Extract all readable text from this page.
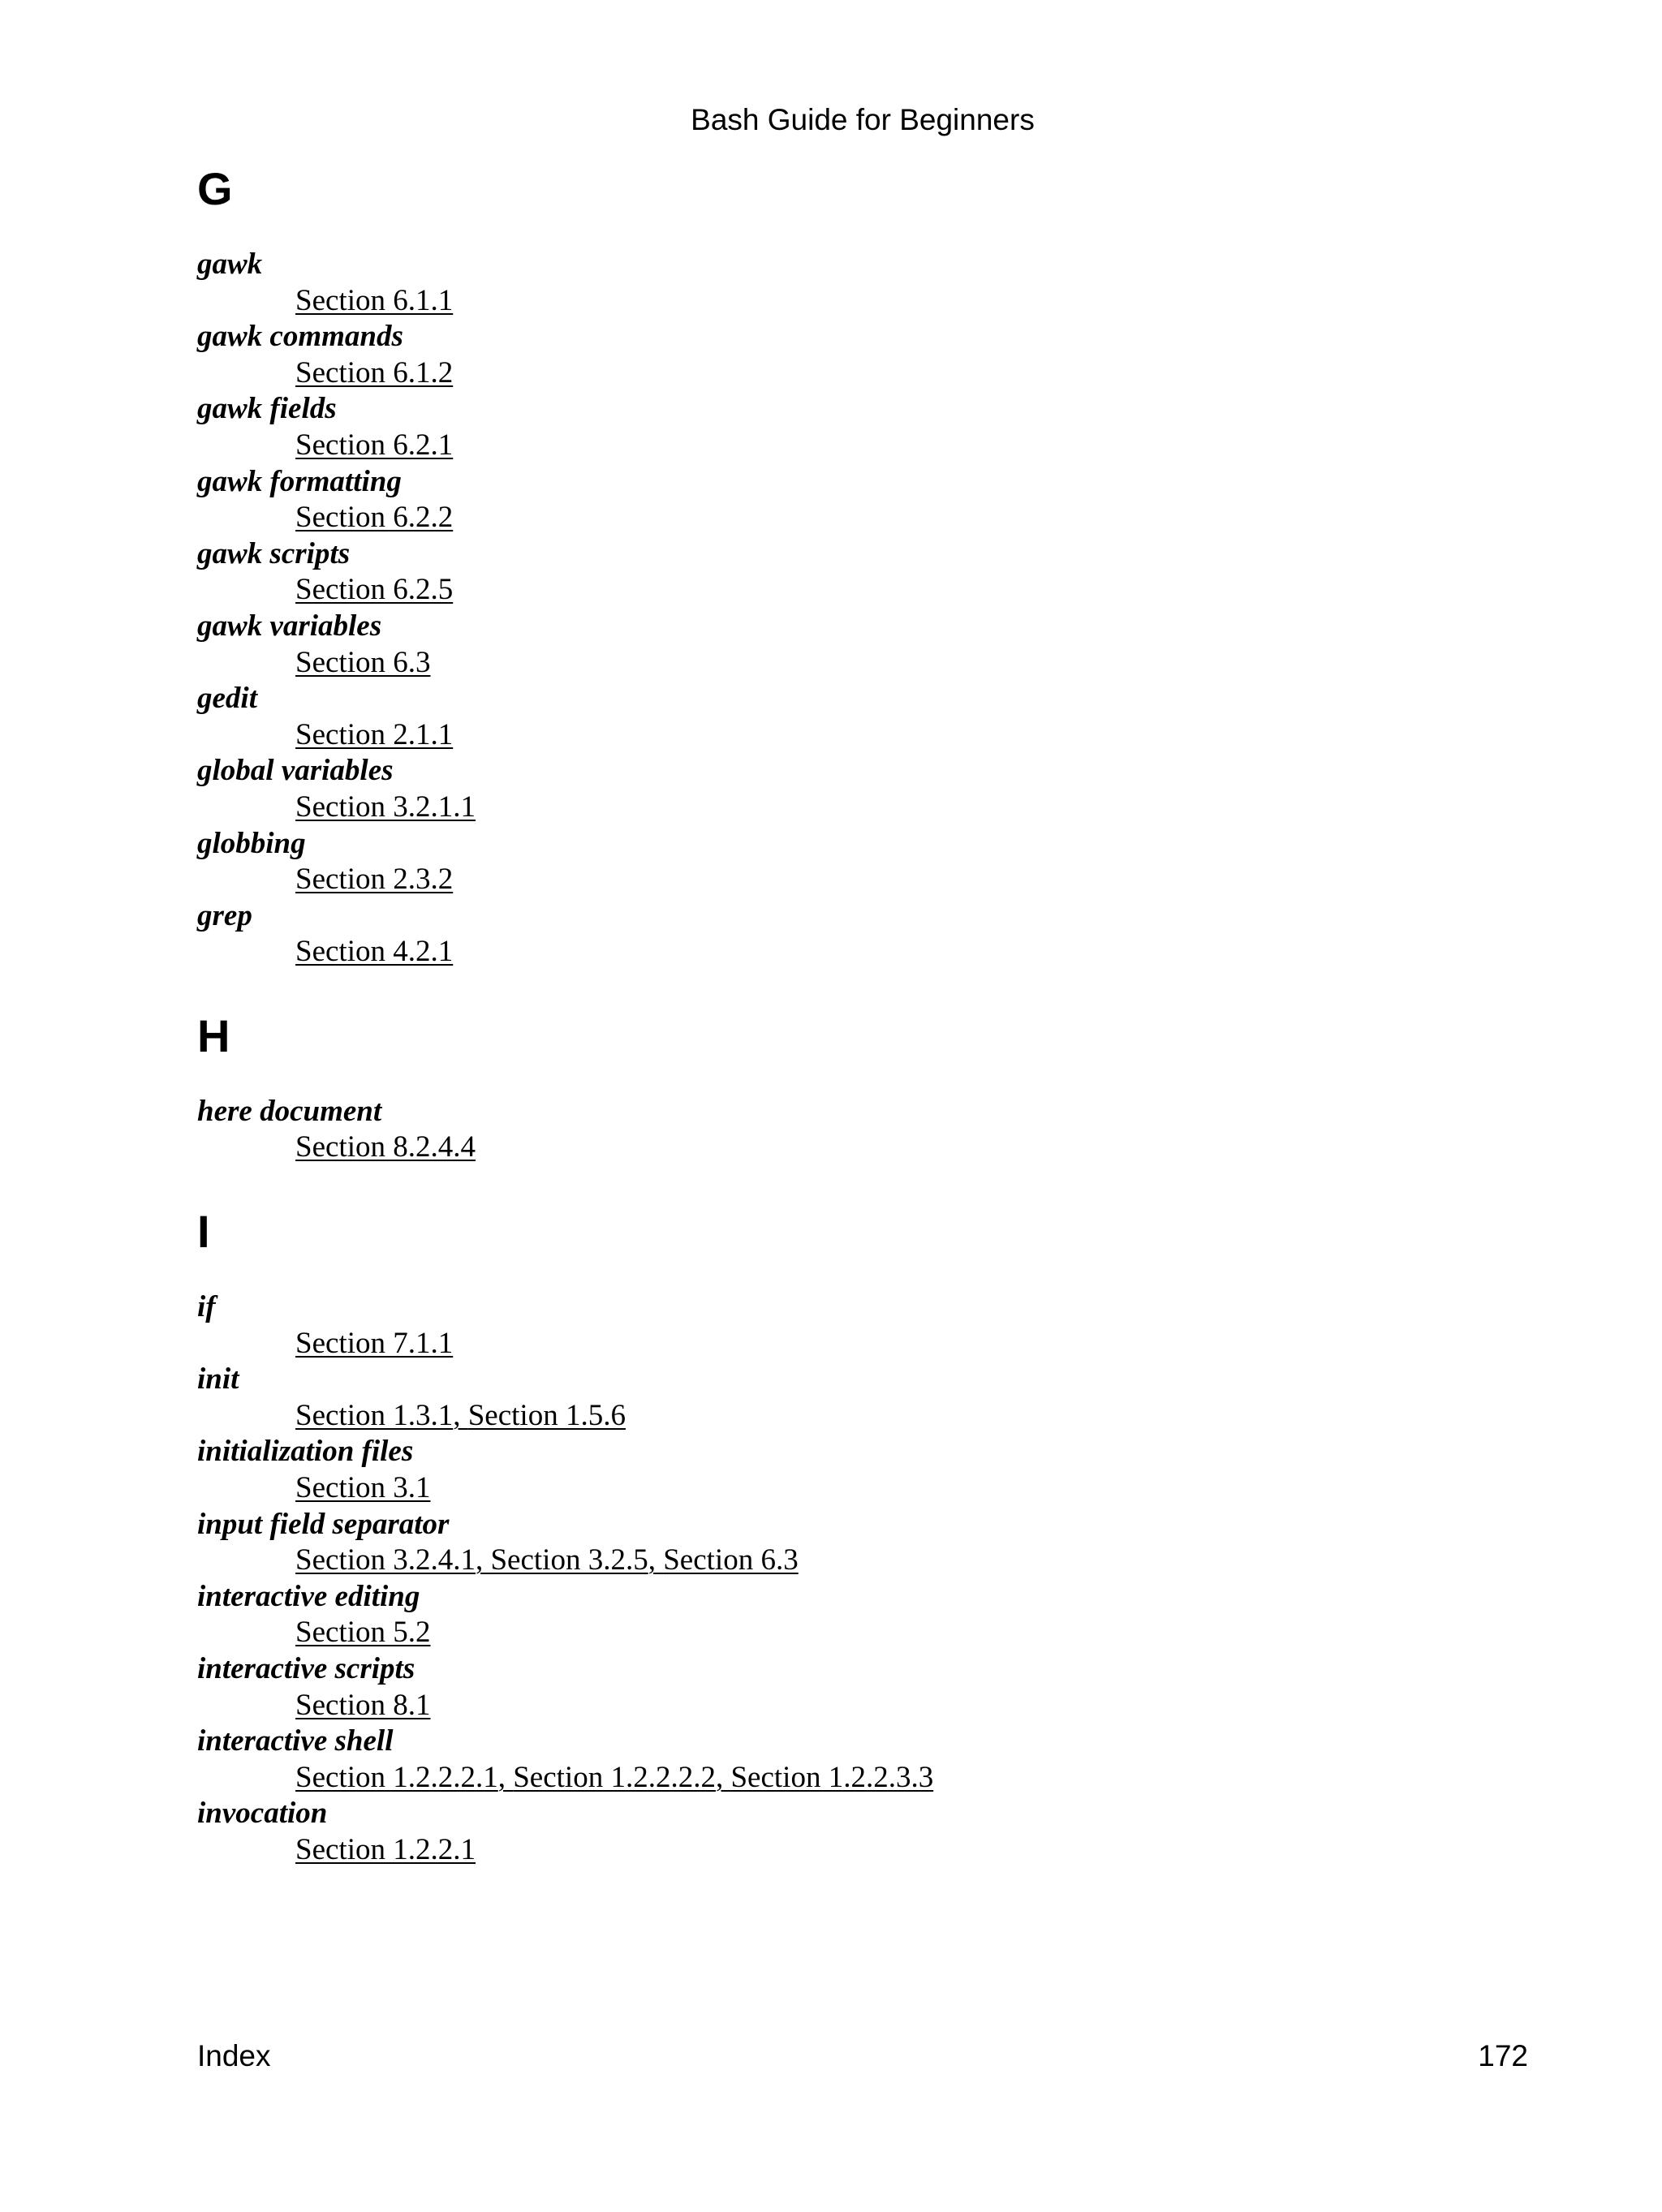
Bash Guide for Beginners
G
gawk
Section 6.1.1
gawk commands
Section 6.1.2
gawk fields
Section 6.2.1
gawk formatting
Section 6.2.2
gawk scripts
Section 6.2.5
gawk variables
Section 6.3
gedit
Section 2.1.1
global variables
Section 3.2.1.1
globbing
Section 2.3.2
grep
Section 4.2.1
H
here document
Section 8.2.4.4
I
if
Section 7.1.1
init
Section 1.3.1, Section 1.5.6
initialization files
Section 3.1
input field separator
Section 3.2.4.1, Section 3.2.5, Section 6.3
interactive editing
Section 5.2
interactive scripts
Section 8.1
interactive shell
Section 1.2.2.2.1, Section 1.2.2.2.2, Section 1.2.2.3.3
invocation
Section 1.2.2.1
Index	172
